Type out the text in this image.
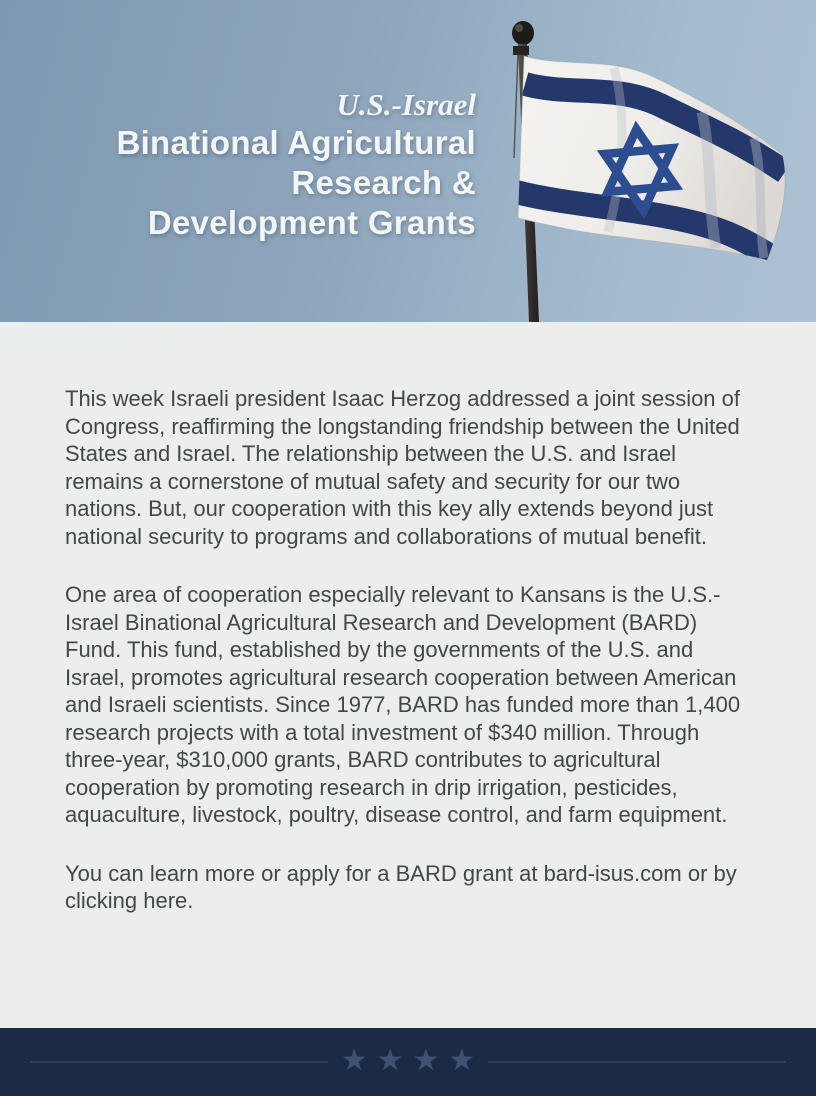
U.S.-Israel
Binational Agricultural
Research &
Development Grants

This week Israeli president Isaac Herzog addressed a joint session of Congress, reaffirming the longstanding friendship between the United States and Israel. The relationship between the U.S. and Israel remains a cornerstone of mutual safety and security for our two nations. But, our cooperation with this key ally extends beyond just national security to programs and collaborations of mutual benefit.

One area of cooperation especially relevant to Kansans is the U.S.-Israel Binational Agricultural Research and Development (BARD) Fund. This fund, established by the governments of the U.S. and Israel, promotes agricultural research cooperation between American and Israeli scientists. Since 1977, BARD has funded more than 1,400 research projects with a total investment of $340 million. Through three-year, $310,000 grants, BARD contributes to agricultural cooperation by promoting research in drip irrigation, pesticides, aquaculture, livestock, poultry, disease control, and farm equipment.

You can learn more or apply for a BARD grant at bard-isus.com or by clicking here.

★ ★ ★ ★
